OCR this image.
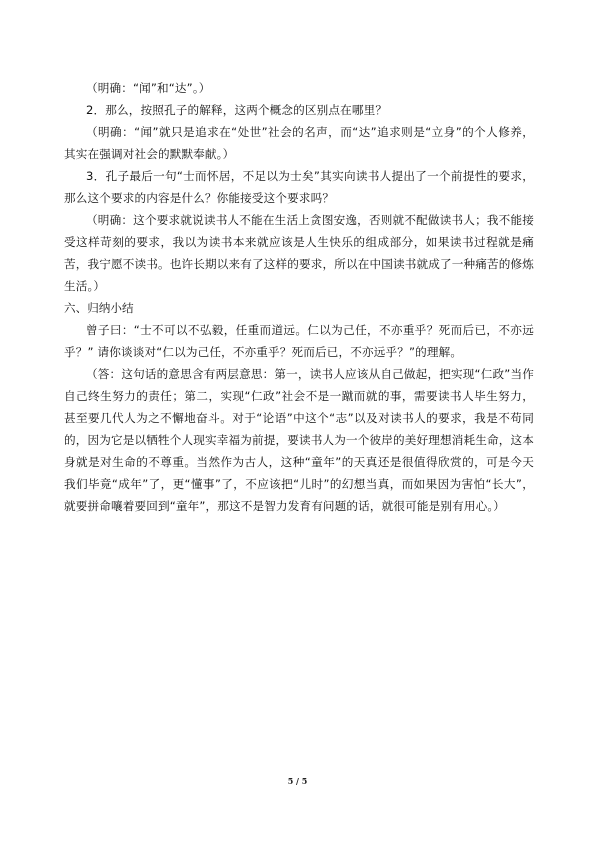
（明确：“闻”和“达”。）

2．那么，按照孔子的解释，这两个概念的区别点在哪里？

（明确：“闻”就只是追求在“处世”社会的名声，而“达”追求则是“立身”的个人修养，其实在强调对社会的默默奉献。）

3．孔子最后一句“士而怀居，不足以为士矣”其实向读书人提出了一个前提性的要求，那么这个要求的内容是什么？你能接受这个要求吗？

（明确：这个要求就说读书人不能在生活上贪图安逸，否则就不配做读书人；我不能接受这样苛刻的要求，我以为读书本来就应该是人生快乐的组成部分，如果读书过程就是痛苦，我宁愿不读书。也许长期以来有了这样的要求，所以在中国读书就成了一种痛苦的修炼生活。）

六、归纳小结

曾子曰：“士不可以不弘毅，任重而道远。仁以为己任，不亦重乎？死而后已，不亦远乎？” 请你谈谈对“仁以为己任，不亦重乎？死而后已，不亦远乎？”的理解。

（答：这句话的意思含有两层意思：第一，读书人应该从自己做起，把实现“仁政”当作自己终生努力的责任；第二，实现“仁政”社会不是一蹴而就的事，需要读书人毕生努力，甚至要几代人为之不懈地奋斗。对于“论语”中这个“志”以及对读书人的要求，我是不苟同的，因为它是以牺牲个人现实幸福为前提，要读书人为一个彼岸的美好理想消耗生命，这本身就是对生命的不尊重。当然作为古人，这种“童年”的天真还是很值得欣赏的，可是今天我们毕竟“成年”了，更“懂事”了，不应该把“儿时”的幻想当真，而如果因为害怕“长大”，就要拼命嚷着要回到“童年”，那这不是智力发育有问题的话，就很可能是别有用心。）

5 / 5
